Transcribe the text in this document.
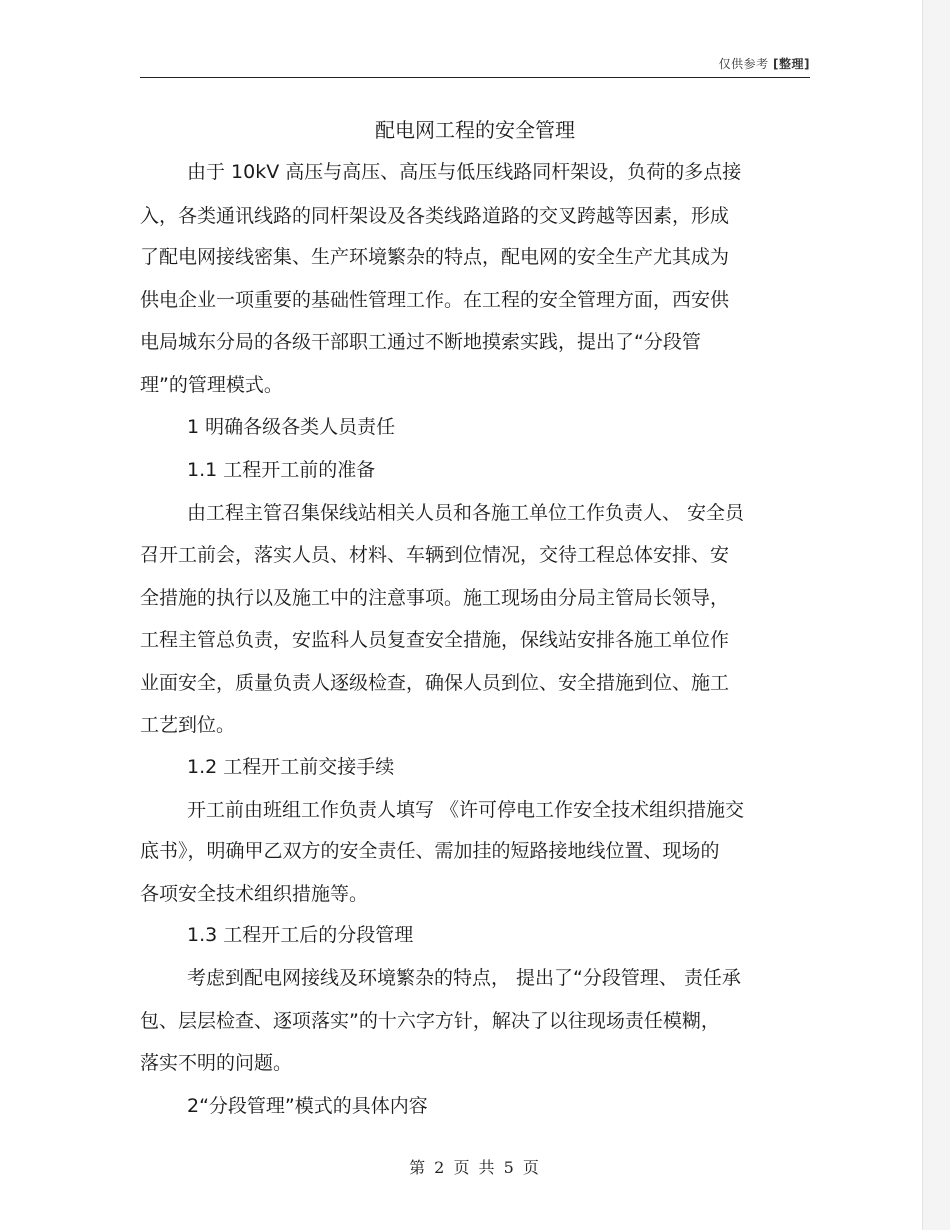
仅供参考 [整理]
配电网工程的安全管理
由于 10kV 高压与高压、高压与低压线路同杆架设，负荷的多点接
入，各类通讯线路的同杆架设及各类线路道路的交叉跨越等因素，形成
了配电网接线密集、生产环境繁杂的特点，配电网的安全生产尤其成为
供电企业一项重要的基础性管理工作。在工程的安全管理方面，西安供
电局城东分局的各级干部职工通过不断地摸索实践，提出了“分段管
理”的管理模式。
1 明确各级各类人员责任
1.1 工程开工前的准备
由工程主管召集保线站相关人员和各施工单位工作负责人、 安全员
召开工前会，落实人员、材料、车辆到位情况，交待工程总体安排、安
全措施的执行以及施工中的注意事项。施工现场由分局主管局长领导，
工程主管总负责，安监科人员复查安全措施，保线站安排各施工单位作
业面安全，质量负责人逐级检查，确保人员到位、安全措施到位、施工
工艺到位。
1.2 工程开工前交接手续
开工前由班组工作负责人填写 《许可停电工作安全技术组织措施交
底书》，明确甲乙双方的安全责任、需加挂的短路接地线位置、现场的
各项安全技术组织措施等。
1.3 工程开工后的分段管理
考虑到配电网接线及环境繁杂的特点， 提出了“分段管理、 责任承
包、层层检查、逐项落实”的十六字方针，解决了以往现场责任模糊，
落实不明的问题。
2“分段管理”模式的具体内容
第 2 页 共 5 页
